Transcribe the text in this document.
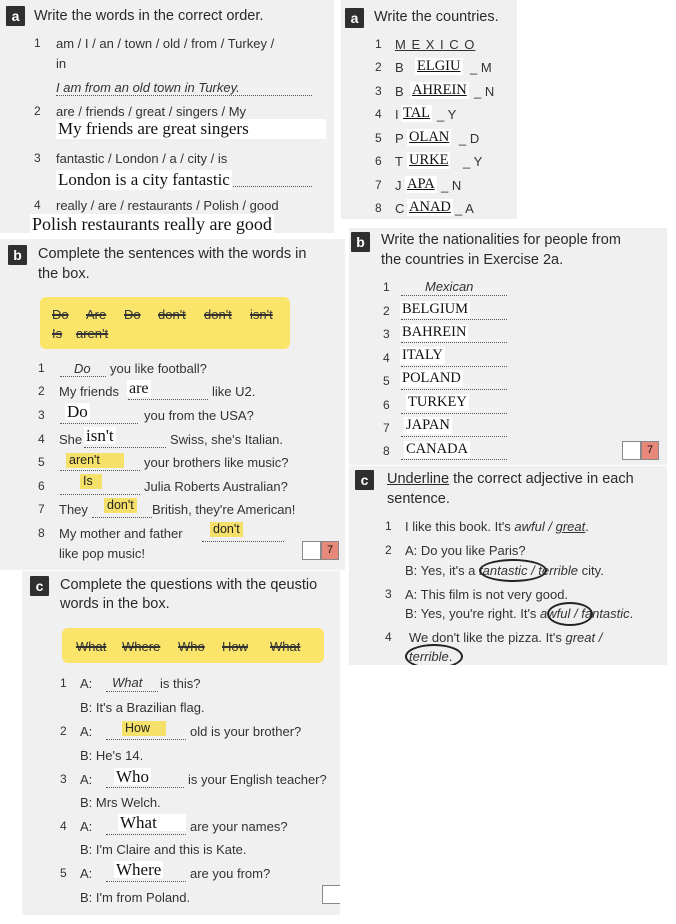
a	Write the words in the correct order.
1 am / I / an / town / old / from / Turkey /
in
I am from an old town in Turkey.
2 are / friends / great / singers / My
My friends are great singers
3 fantastic / London / a / city / is
London is a city fantastic
4 really / are / restaurants / Polish / good
Polish restaurants really are good
a	Write the countries.
1 M E X I C O
2 B ELGIU _ M
3 B AHREIN _ N
4 I TAL _ Y
5 P OLAN _ D
6 T URKE _ Y
7 J APA _ N
8 C ANAD _ A
b	Complete the sentences with the words in
the box.
Do Are Do don't don't isn't
Is aren't
1 Do you like football?
2 My friends are	like U2.
3 Do	you from the USA?
4 She isn't	Swiss, she's Italian.
5 aren't	your brothers like music?
6	Is	Julia Roberts Australian?
7 They don't British, they're American!
8 My mother and father don't
like pop music!	7
b	Write the nationalities for people from
the countries in Exercise 2a.
1	Mexican
2 BELGIUM
3 BAHREIN
4 ITALY
5 POLAND
6 TURKEY
7 JAPAN
8 CANADA	7
c	Underline the correct adjective in each
sentence.
1 I like this book. It's awful / great.
2 A: Do you like Paris?
B: Yes, it's a fantastic / terrible city.
3 A: This film is not very good.
B: Yes, you're right. It's awful / fantastic.
4 We don't like the pizza. It's great /
terrible.
c	Complete the questions with the qeustio
words in the box.
What Where Who How What
1 A: What is this?
B: It's a Brazilian flag.
2 A:	How	old is your brother?
B: He's 14.
3 A: Who	is your English teacher?
B: Mrs Welch.
4 A: What	are your names?
B: I'm Claire and this is Kate.
5 A: Where are you from?
B: I'm from Poland.
